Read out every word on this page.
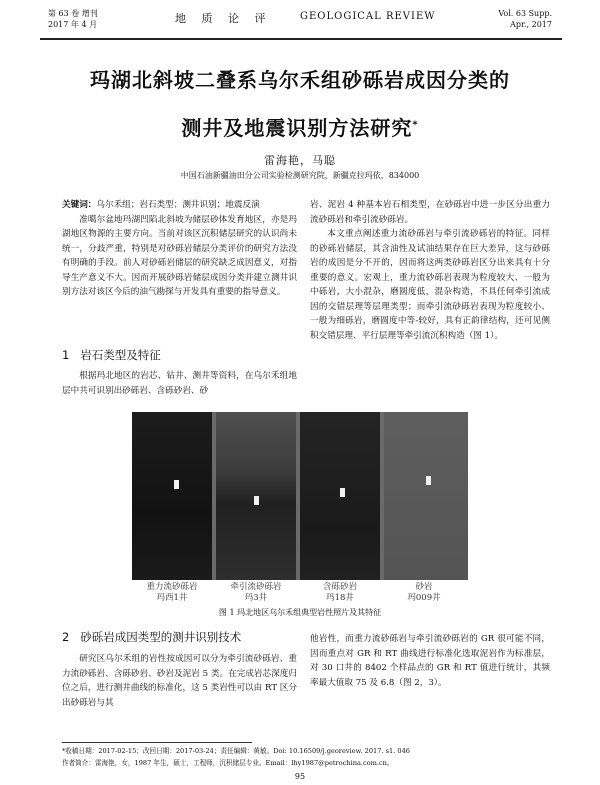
第 63 卷 增刊
2017 年 4 月	地 质 论 评	GEOLOGICAL REVIEW	Vol. 63 Supp.
Apr., 2017
玛湖北斜坡二叠系乌尔禾组砂砾岩成因分类的
测井及地震识别方法研究*
雷海艳，马聪
中国石油新疆油田分公司实验检测研究院，新疆克拉玛依，834000
关键词：乌尔禾组；岩石类型；测井识别；地震反演
准噶尔盆地玛湖凹陷北斜坡为储层砂体发育地区，亦是玛湖地区物源的主要方向。当前对该区沉积储层研究的认识尚未统一，分歧严重，特别是对砂砾岩储层分类评价的研究方法没有明确的手段。前人对砂砾岩储层的研究缺乏成因意义，对指导生产意义不大。因而开展砂砾岩储层成因分类并建立测井识别方法对该区今后的油气勘探与开发具有重要的指导意义。
岩、泥岩 4 种基本岩石相类型，在砂砾岩中进一步区分出重力流砂砾岩和牵引流砂砾岩。
本文重点阐述重力流砂砾岩与牵引流砂砾岩的特征。同样的砂砾岩储层，其含油性及试油结果存在巨大差异，这与砂砾岩的成因是分不开的，因而将这两类砂砾岩区分出来具有十分重要的意义。宏观上，重力流砂砾岩表现为粒度较大、一般为中砾岩，大小混杂，磨圆度低，混杂构造，不具任何牵引流成因的交错层理等层理类型；而牵引流砂砾岩表现为粒度较小、一般为细砾岩，磨圆度中等-较好，具有正韵律结构，还可见侧积交错层理、平行层理等牵引流沉积构造（图 1）。
1 岩石类型及特征
根据玛北地区的岩芯、钻井、测井等资料，在乌尔禾组地层中共可识别出砂砾岩、含砾砂岩、砂
重力流砂砾岩
玛西1井
牵引流砂砾岩
玛3井
含砾砂岩
玛18井
砂岩
玛009井
图 1 玛北地区乌尔禾组典型岩性照片及其特征
2 砂砾岩成因类型的测井识别技术
研究区乌尔禾组的岩性按成因可以分为牵引流砂砾岩、重力流砂砾岩、含砾砂岩、砂岩及泥岩 5 类。在完成岩芯深度归位之后，进行测井曲线的标准化，这 5 类岩性可以由 RT 区分出砂砾岩与其
他岩性，而重力流砂砾岩与牵引流砂砾岩的 GR 很可能不同，因而重点对 GR 和 RT 曲线进行标准化选取泥岩作为标准层，对 30 口井的 8402 个样品点的 GR 和 RT 值进行统计，其频率最大值取 75 及 6.8（图 2，3）。
*收稿日期：2017-02-15；改回日期：2017-03-24；责任编辑：黄敏。Doi: 10.16509/j.georeview. 2017. s1. 046
作者简介：雷海艳，女，1987 年生，硕士，工程师，沉积储层专业。Email：lhy1987@petrochina.com.cn。
95
